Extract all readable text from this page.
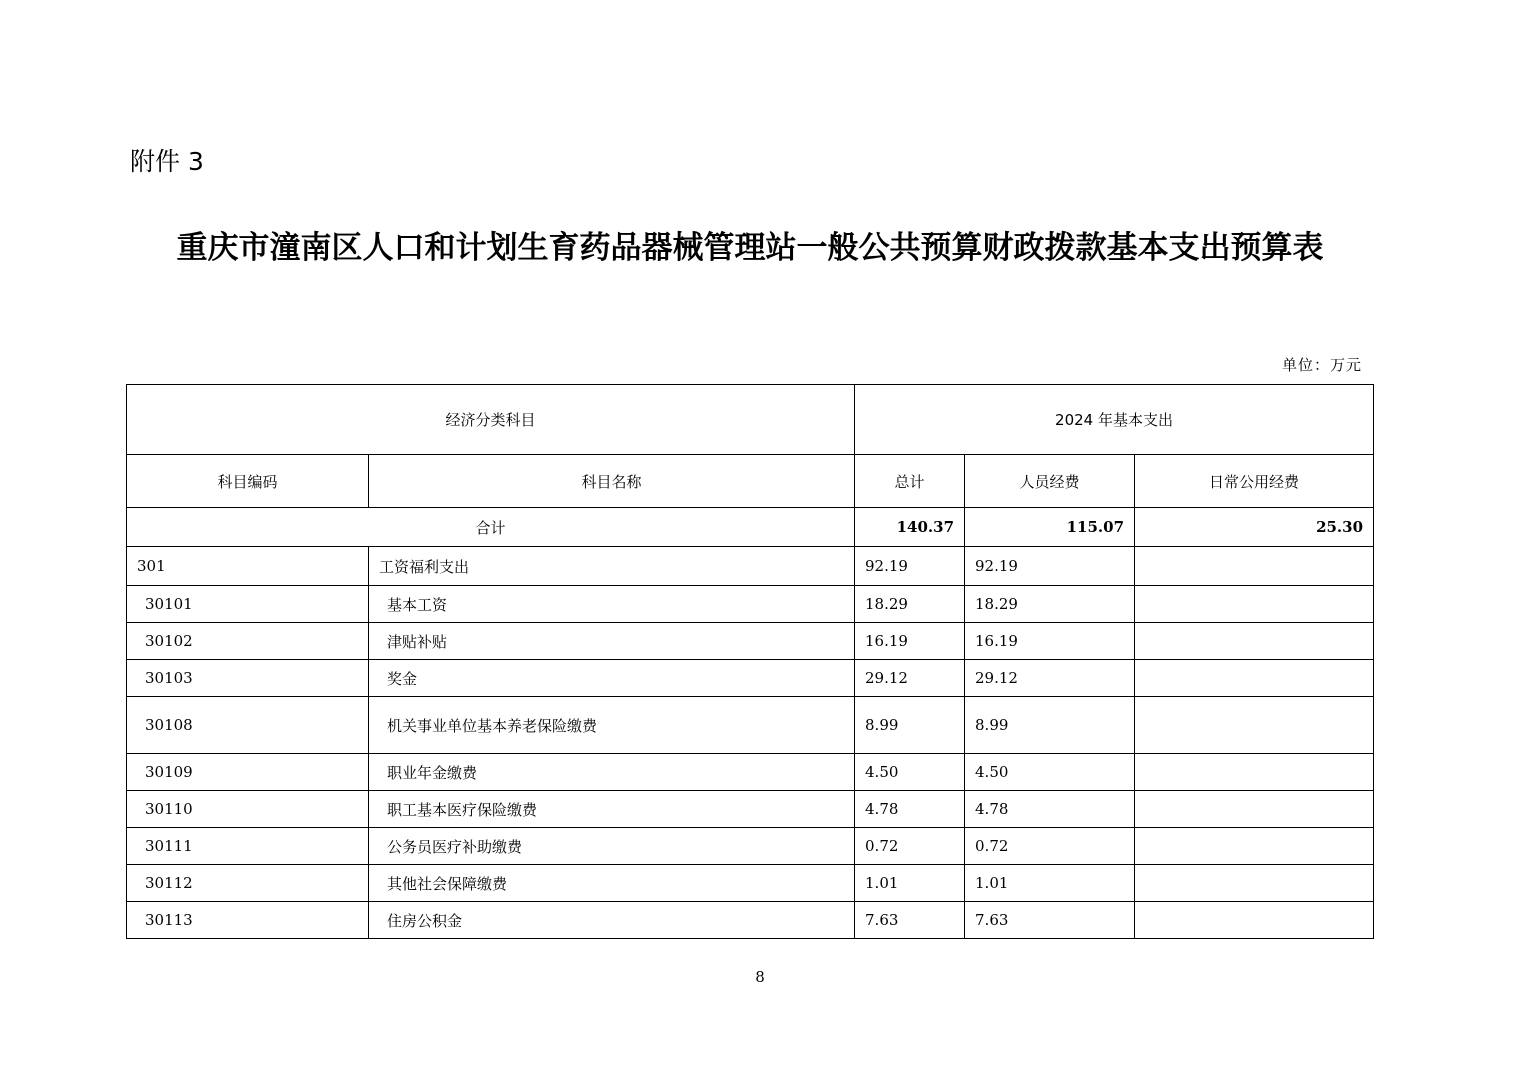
附件 3
重庆市潼南区人口和计划生育药品器械管理站一般公共预算财政拨款基本支出预算表
单位：万元
经济分类科目		2024 年基本支出		
科目编码	科目名称	总计	人员经费	日常公用经费
合计		140.37	115.07	25.30
301	工资福利支出	92.19	92.19	
30101	基本工资	18.29	18.29	
30102	津贴补贴	16.19	16.19	
30103	奖金	29.12	29.12	
30108	机关事业单位基本养老保险缴费	8.99	8.99	
30109	职业年金缴费	4.50	4.50	
30110	职工基本医疗保险缴费	4.78	4.78	
30111	公务员医疗补助缴费	0.72	0.72	
30112	其他社会保障缴费	1.01	1.01	
30113	住房公积金	7.63	7.63	
8
